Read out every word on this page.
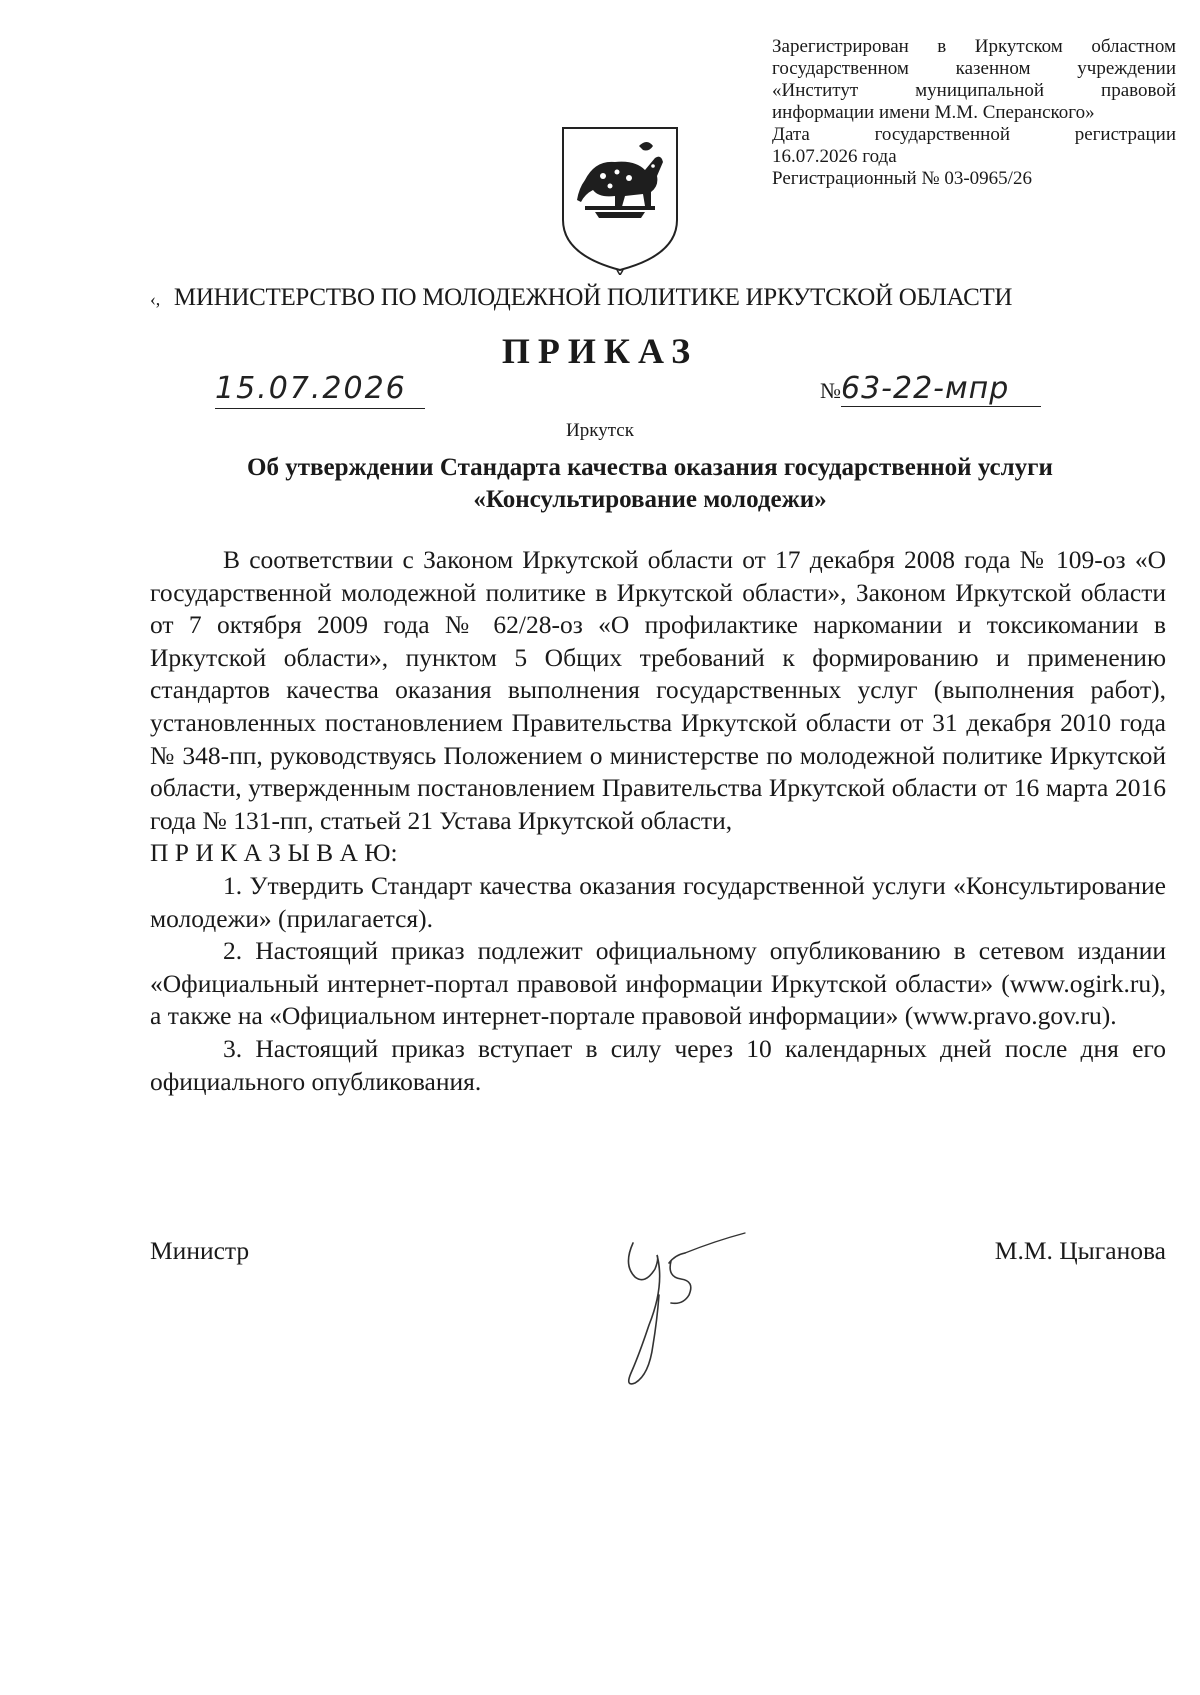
Зарегистрирован в Иркутском областном
государственном казенном учреждении
«Институт муниципальной правовой
информации имени М.М. Сперанского»
Дата государственной регистрации
16.07.2026 года
Регистрационный № 03-0965/26
‹, МИНИСТЕРСТВО ПО МОЛОДЕЖНОЙ ПОЛИТИКЕ ИРКУТСКОЙ ОБЛАСТИ
ПРИКАЗ
15.07.2026	№63-22-мпр
Иркутск
Об утверждении Стандарта качества оказания государственной услуги
«Консультирование молодежи»

В соответствии с Законом Иркутской области от 17 декабря 2008 года № 109-оз «О государственной молодежной политике в Иркутской области», Законом Иркутской области от 7 октября 2009 года № 62/28-оз «О профилактике наркомании и токсикомании в Иркутской области», пунктом 5 Общих требований к формированию и применению стандартов качества оказания выполнения государственных услуг (выполнения работ), установленных постановлением Правительства Иркутской области от 31 декабря 2010 года № 348-пп, руководствуясь Положением о министерстве по молодежной политике Иркутской области, утвержденным постановлением Правительства Иркутской области от 16 марта 2016 года № 131-пп, статьей 21 Устава Иркутской области,

П Р И К А З Ы В А Ю:

1. Утвердить Стандарт качества оказания государственной услуги «Консультирование молодежи» (прилагается).

2. Настоящий приказ подлежит официальному опубликованию в сетевом издании «Официальный интернет-портал правовой информации Иркутской области» (www.ogirk.ru), а также на «Официальном интернет-портале правовой информации» (www.pravo.gov.ru).

3. Настоящий приказ вступает в силу через 10 календарных дней после дня его официального опубликования.

Министр	М.М. Цыганова
